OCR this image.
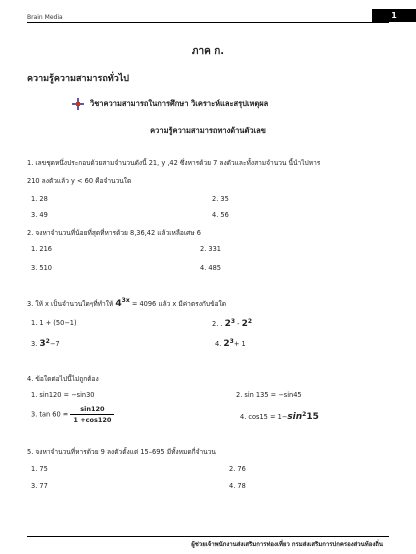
Brain Media	1
ภาค ก.
ความรู้ความสามารถทั่วไป
วิชาความสามารถในการศึกษา วิเคราะห์และสรุปเหตุผล
ความรู้ความสามารถทางด้านตัวเลข
1. เลขชุดหนึ่งประกอบด้วยสามจำนวนดังนี้ 21, y ,42 ซึ่งหารด้วย 7 ลงตัวและทั้งสามจำนวน นี้นำไปหาร
210 ลงตัวแล้ว y < 60 คือจำนวนใด
1. 28	2. 35
3. 49	4. 56
2. จงหาจำนวนที่น้อยที่สุดที่หารด้วย 8,36,42 แล้วเหลือเศษ 6
1. 216	2. 331
3. 510	4. 485
3. ให้ x เป็นจำนวนใดๆที่ทำให้ $4^{3x} = 4096$ แล้ว x มีค่าตรงกับข้อใด
1. 1 + (50−1)	2. . $2^3 - 2^2$
3. $3^2-7$	4. $2^3+ 1$
4. ข้อใดต่อไปนี้ไม่ถูกต้อง
1. sin120 = −sin30	2. sin 135 = −sin45
3. $\tan 60 = \frac{\sin 120}{1 +\cos 120}$	4. $\cos 15 = 1-\sin^215$
5. จงหาจำนวนที่หารด้วย 9 ลงตัวตั้งแต่ 15–695 มีทั้งหมดกี่จำนวน
1. 75	2. 76
3. 77	4. 78
ผู้ช่วยเจ้าพนักงานส่งเสริมการท่องเที่ยว กรมส่งเสริมการปกครองส่วนท้องถิ่น
